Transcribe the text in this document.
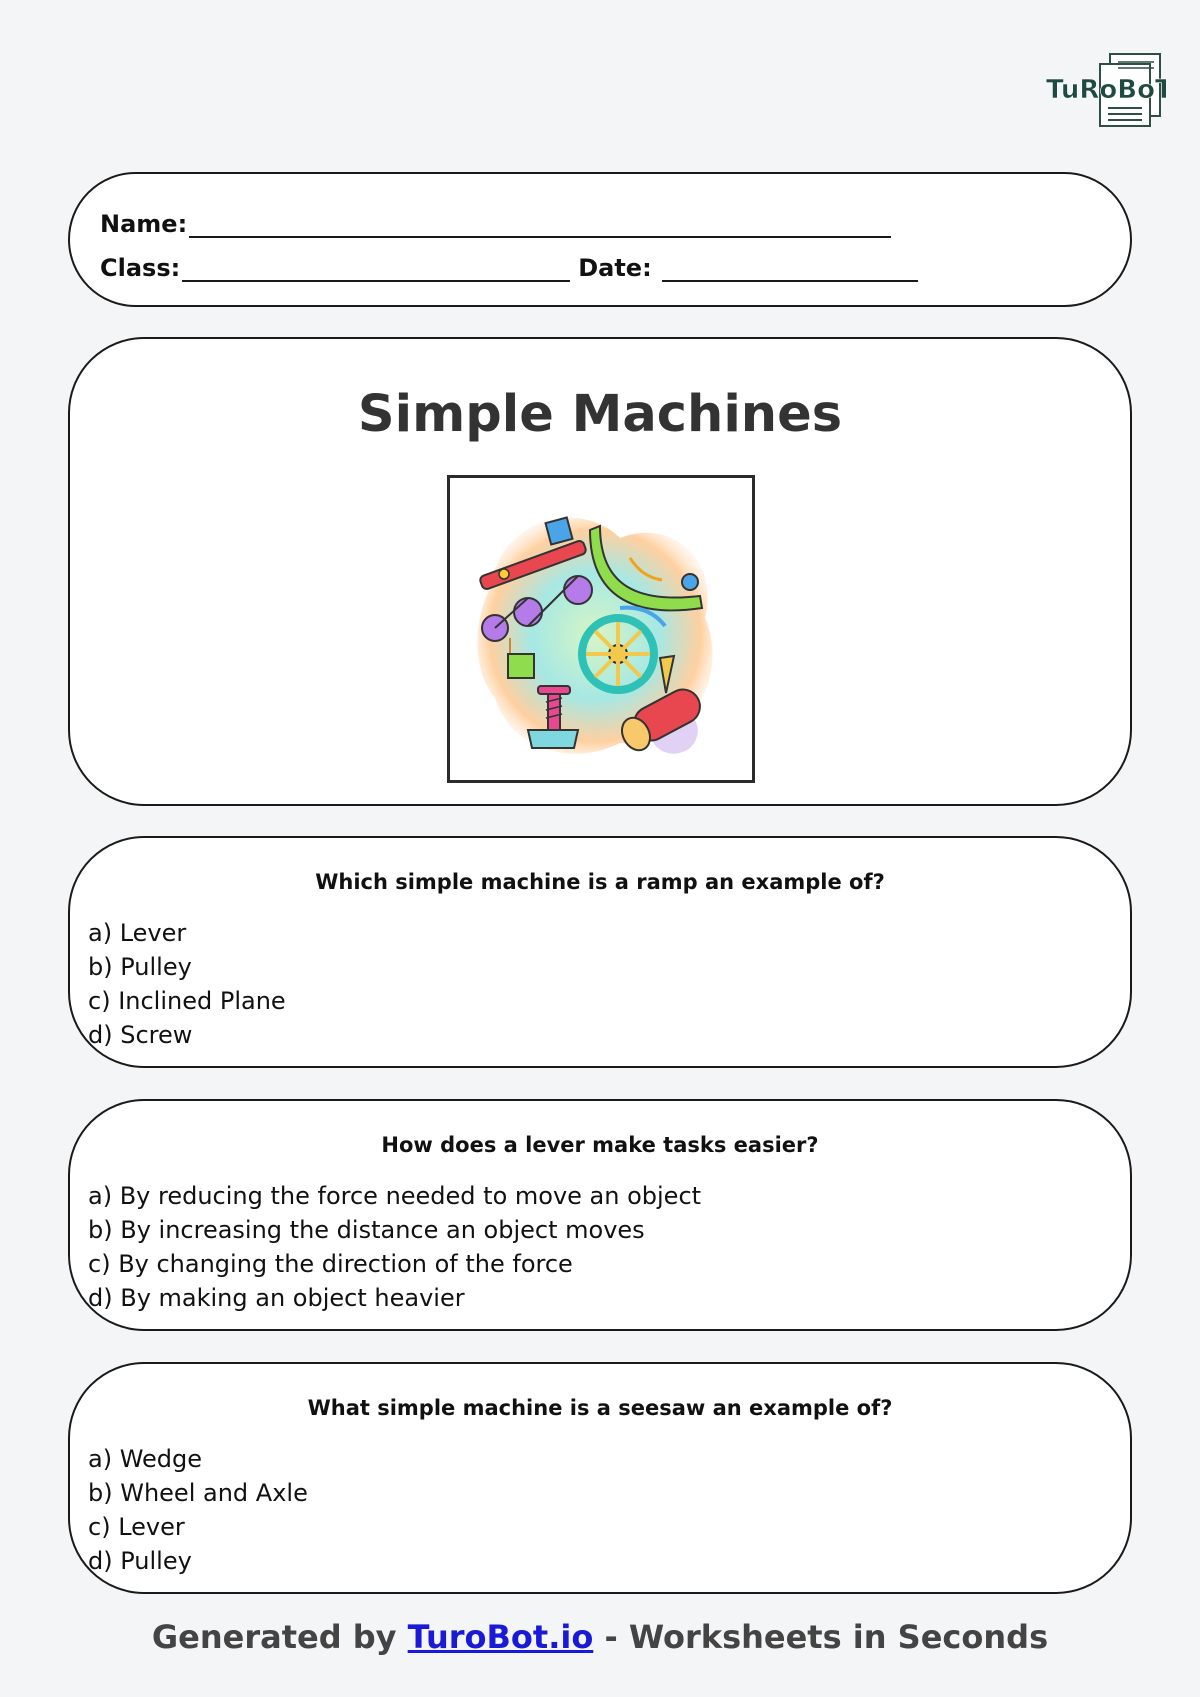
TuRoBoT
Name:
Class:	Date:
Simple Machines

Which simple machine is a ramp an example of?

a) Lever
b) Pulley
c) Inclined Plane
d) Screw

How does a lever make tasks easier?

a) By reducing the force needed to move an object
b) By increasing the distance an object moves
c) By changing the direction of the force
d) By making an object heavier

What simple machine is a seesaw an example of?

a) Wedge
b) Wheel and Axle
c) Lever
d) Pulley
Generated by TuroBot.io - Worksheets in Seconds
